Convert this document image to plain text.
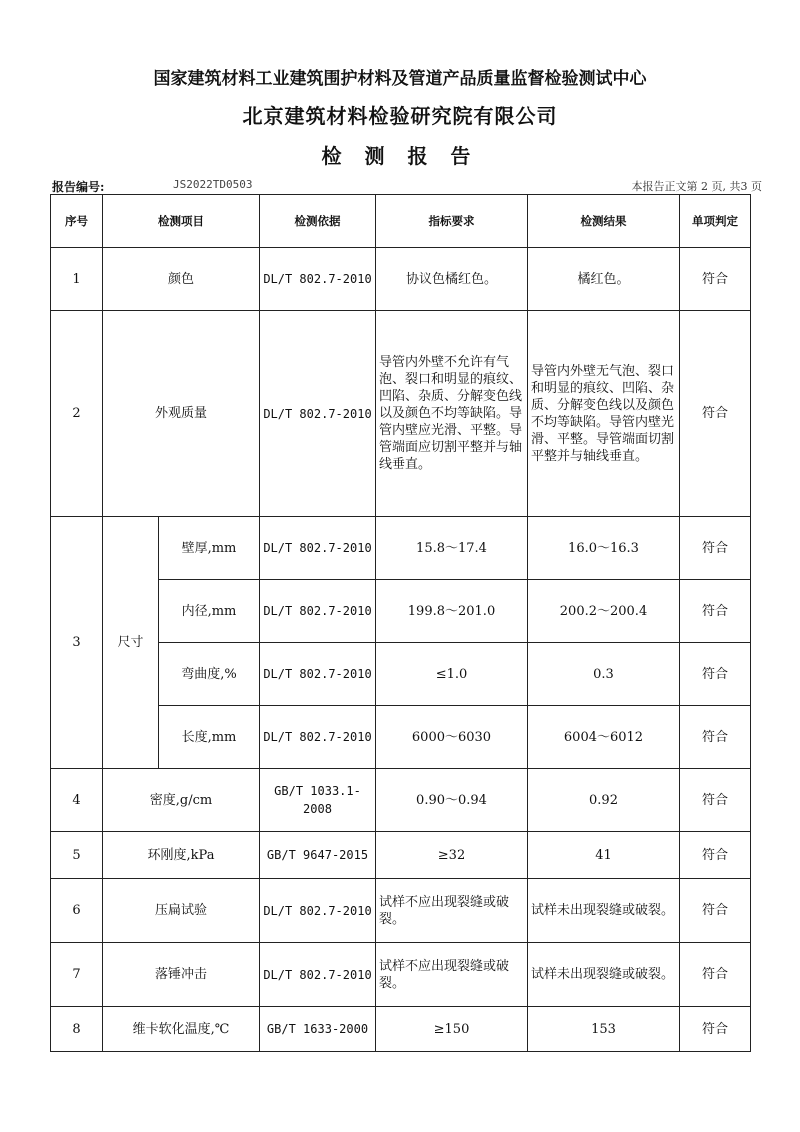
国家建筑材料工业建筑围护材料及管道产品质量监督检验测试中心
北京建筑材料检验研究院有限公司
检 测 报 告
报告编号:	JS2022TD0503	本报告正文第 2 页, 共3 页
序号	检测项目		检测依据	指标要求	检测结果	单项判定
1	颜色		DL/T 802.7-2010	协议色橘红色。	橘红色。	符合
2	外观质量		DL/T 802.7-2010	导管内外壁不允许有气泡、裂口和明显的痕纹、凹陷、杂质、分解变色线以及颜色不均等缺陷。导管内壁应光滑、平整。导管端面应切割平整并与轴线垂直。	导管内外壁无气泡、裂口和明显的痕纹、凹陷、杂质、分解变色线以及颜色不均等缺陷。导管内壁光滑、平整。导管端面切割平整并与轴线垂直。	符合
3	尺寸	壁厚,mm	DL/T 802.7-2010	15.8～17.4	16.0～16.3	符合
		内径,mm	DL/T 802.7-2010	199.8～201.0	200.2～200.4	符合
		弯曲度,%	DL/T 802.7-2010	≤1.0	0.3	符合
		长度,mm	DL/T 802.7-2010	6000～6030	6004～6012	符合
4	密度,g/cm		GB/T 1033.1-2008	0.90～0.94	0.92	符合
5	环刚度,kPa		GB/T 9647-2015	≥32	41	符合
6	压扁试验		DL/T 802.7-2010	试样不应出现裂缝或破裂。	试样未出现裂缝或破裂。	符合
7	落锤冲击		DL/T 802.7-2010	试样不应出现裂缝或破裂。	试样未出现裂缝或破裂。	符合
8	维卡软化温度,℃		GB/T 1633-2000	≥150	153	符合
